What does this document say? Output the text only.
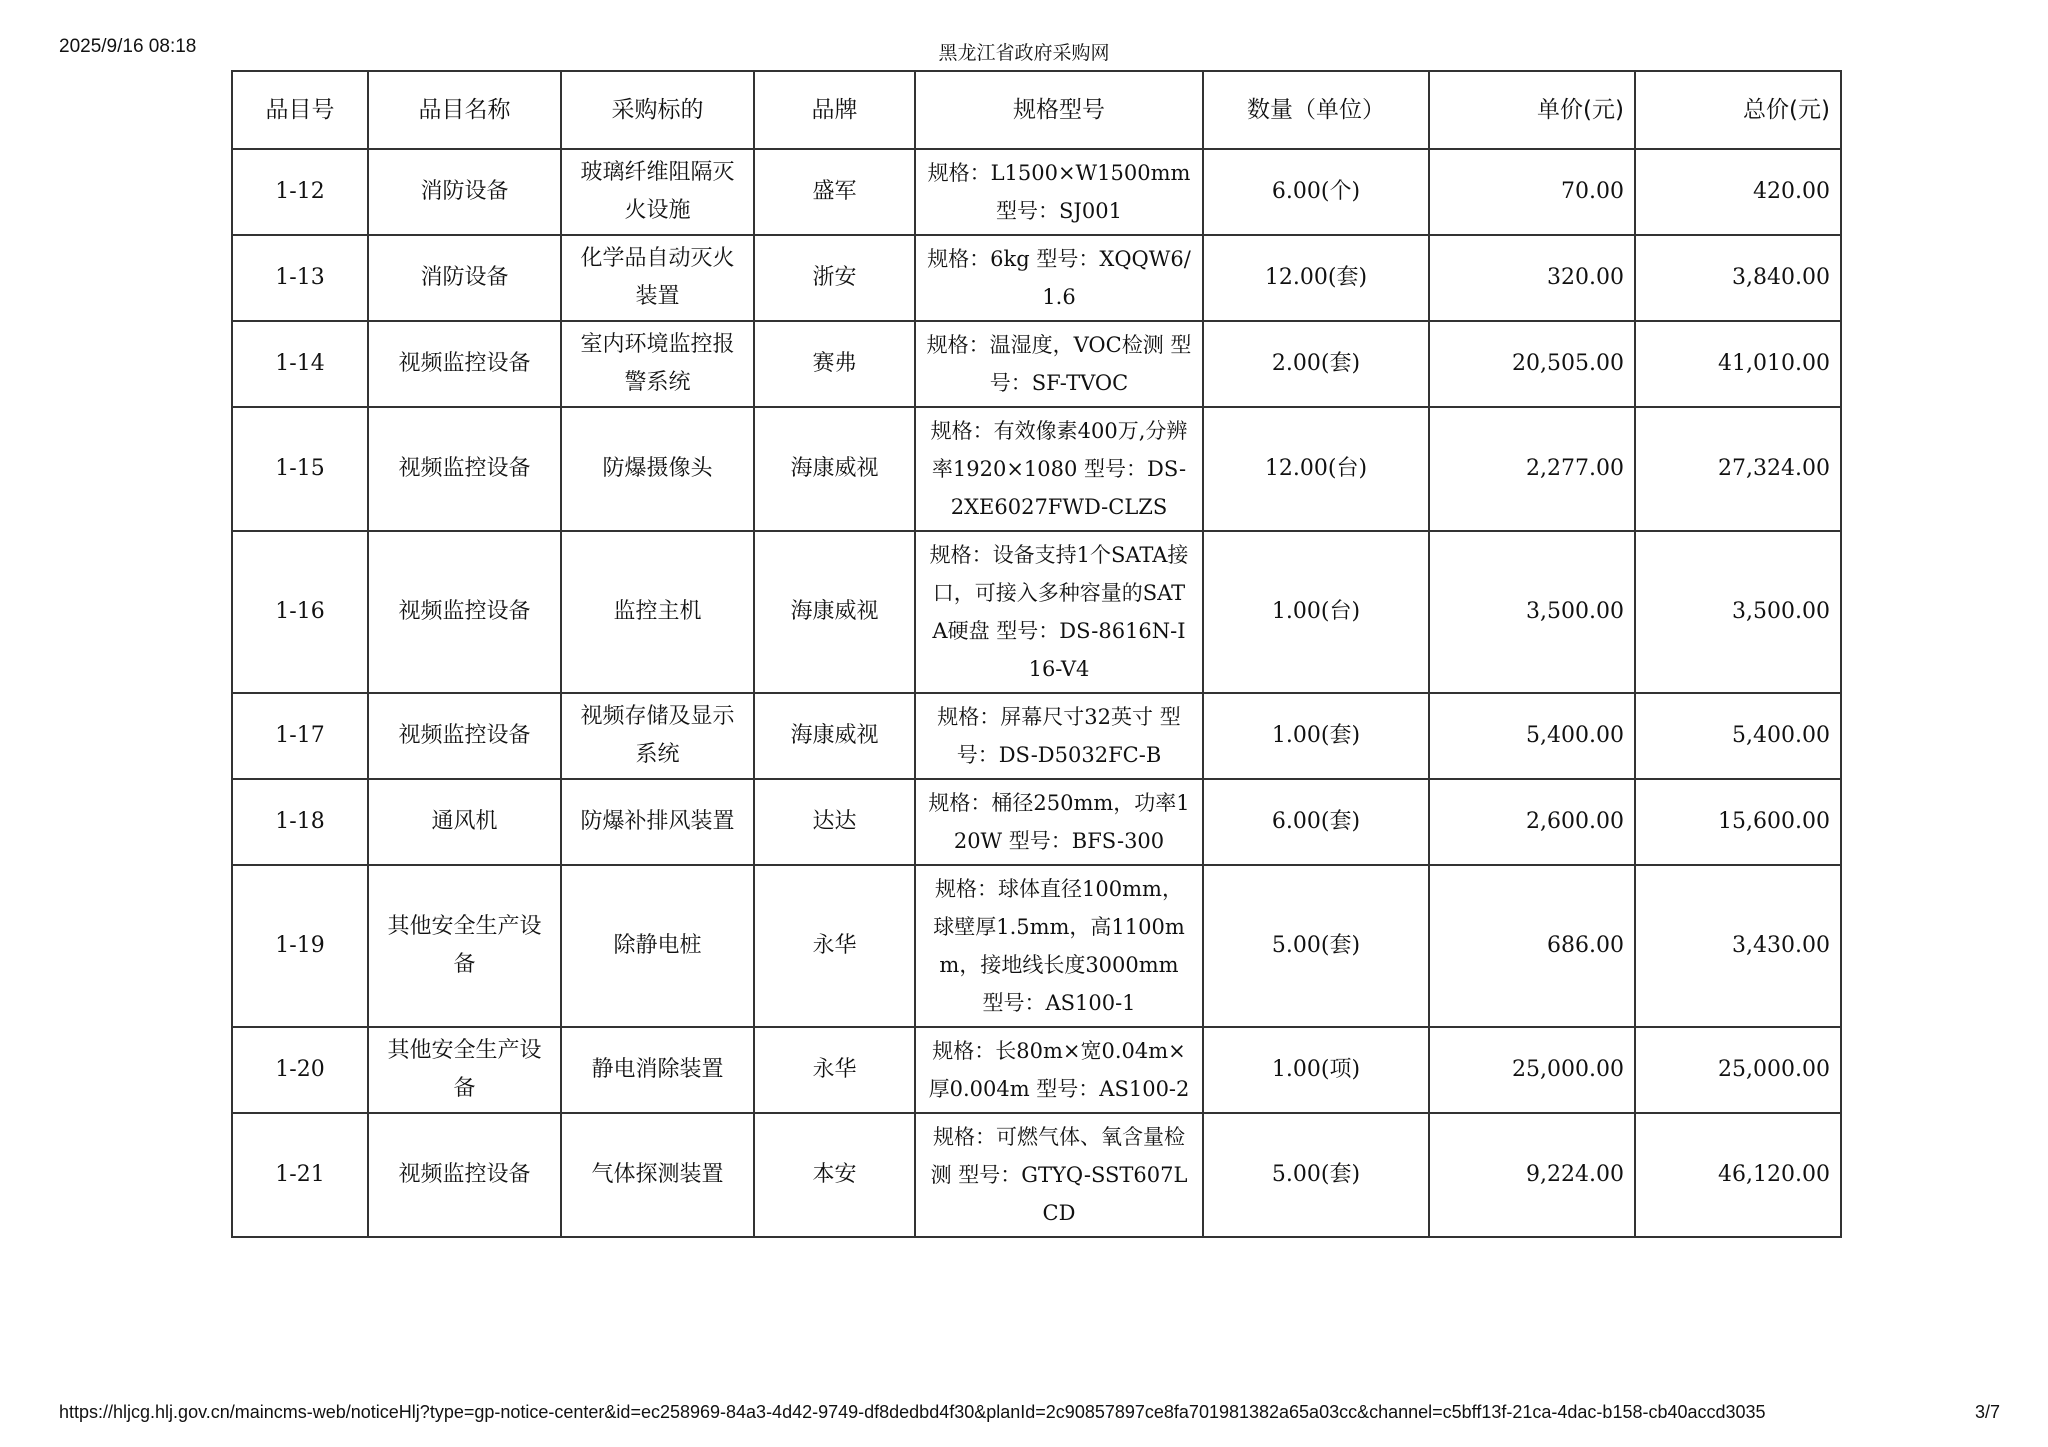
2025/9/16 08:18	黑龙江省政府采购网
品目号	品目名称	采购标的	品牌	规格型号	数量（单位）	单价(元)	总价(元)
1-12	消防设备	玻璃纤维阻隔灭火设施	盛军	规格：L1500×W1500mm 型号：SJ001	6.00(个)	70.00	420.00
1-13	消防设备	化学品自动灭火装置	浙安	规格：6kg 型号：XQQW6/1.6	12.00(套)	320.00	3,840.00
1-14	视频监控设备	室内环境监控报警系统	赛弗	规格：温湿度，VOC检测 型号：SF-TVOC	2.00(套)	20,505.00	41,010.00
1-15	视频监控设备	防爆摄像头	海康威视	规格：有效像素400万,分辨率1920×1080 型号：DS-2XE6027FWD-CLZS	12.00(台)	2,277.00	27,324.00
1-16	视频监控设备	监控主机	海康威视	规格：设备支持1个SATA接口，可接入多种容量的SATA硬盘 型号：DS-8616N-I16-V4	1.00(台)	3,500.00	3,500.00
1-17	视频监控设备	视频存储及显示系统	海康威视	规格：屏幕尺寸32英寸 型号：DS-D5032FC-B	1.00(套)	5,400.00	5,400.00
1-18	通风机	防爆补排风装置	达达	规格：桶径250mm，功率120W 型号：BFS-300	6.00(套)	2,600.00	15,600.00
1-19	其他安全生产设备	除静电桩	永华	规格：球体直径100mm，球壁厚1.5mm，高1100mm，接地线长度3000mm 型号：AS100-1	5.00(套)	686.00	3,430.00
1-20	其他安全生产设备	静电消除装置	永华	规格：长80m×宽0.04m×厚0.004m 型号：AS100-2	1.00(项)	25,000.00	25,000.00
1-21	视频监控设备	气体探测装置	本安	规格：可燃气体、氧含量检测 型号：GTYQ-SST607LCD	5.00(套)	9,224.00	46,120.00
https://hljcg.hlj.gov.cn/maincms-web/noticeHlj?type=gp-notice-center&id=ec258969-84a3-4d42-9749-df8dedbd4f30&planId=2c90857897ce8fa701981382a65a03cc&channel=c5bff13f-21ca-4dac-b158-cb40accd3035	3/7
